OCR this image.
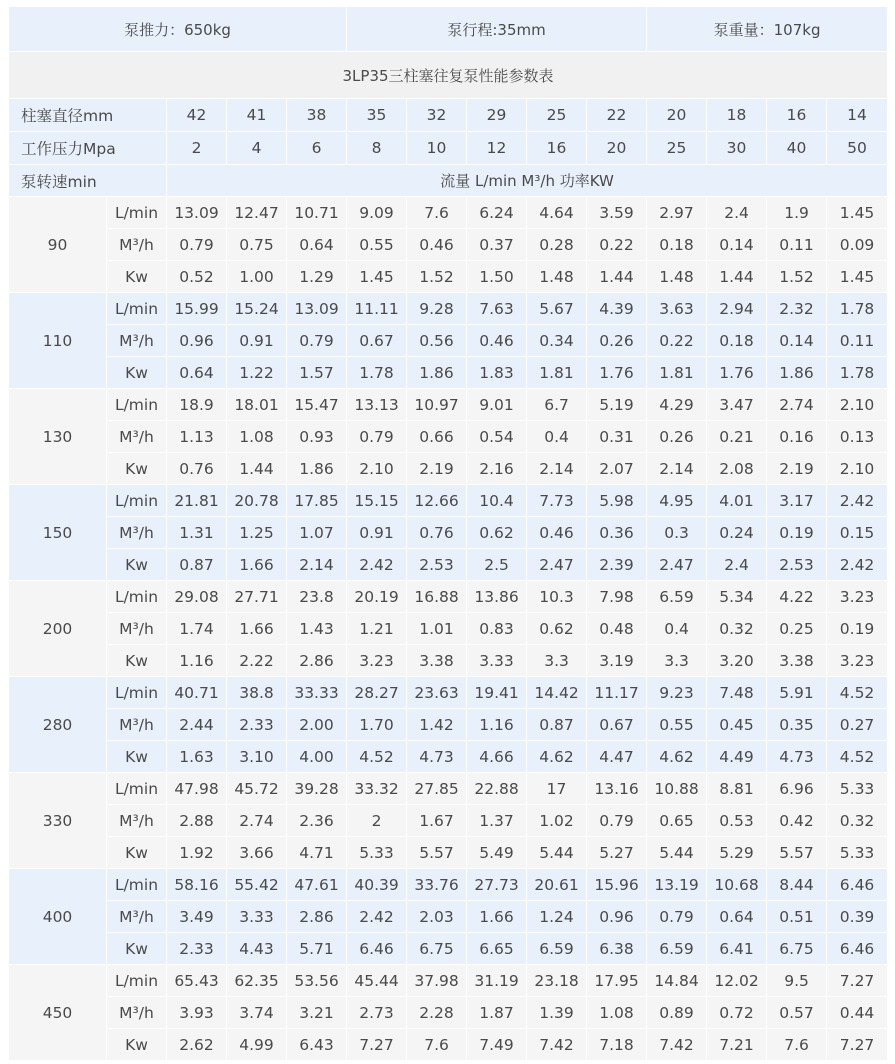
泵推力：650kg					泵行程:35mm					泵重量：107kg			
3LP35三柱塞往复泵性能参数表													
柱塞直径mm		42	41	38	35	32	29	25	22	20	18	16	14
工作压力Mpa		2	4	6	8	10	12	16	20	25	30	40	50
泵转速min		流量 L/min M³/h 功率KW											
90	L/min	13.09	12.47	10.71	9.09	7.6	6.24	4.64	3.59	2.97	2.4	1.9	1.45
	M³/h	0.79	0.75	0.64	0.55	0.46	0.37	0.28	0.22	0.18	0.14	0.11	0.09
	Kw	0.52	1.00	1.29	1.45	1.52	1.50	1.48	1.44	1.48	1.44	1.52	1.45
110	L/min	15.99	15.24	13.09	11.11	9.28	7.63	5.67	4.39	3.63	2.94	2.32	1.78
	M³/h	0.96	0.91	0.79	0.67	0.56	0.46	0.34	0.26	0.22	0.18	0.14	0.11
	Kw	0.64	1.22	1.57	1.78	1.86	1.83	1.81	1.76	1.81	1.76	1.86	1.78
130	L/min	18.9	18.01	15.47	13.13	10.97	9.01	6.7	5.19	4.29	3.47	2.74	2.10
	M³/h	1.13	1.08	0.93	0.79	0.66	0.54	0.4	0.31	0.26	0.21	0.16	0.13
	Kw	0.76	1.44	1.86	2.10	2.19	2.16	2.14	2.07	2.14	2.08	2.19	2.10
150	L/min	21.81	20.78	17.85	15.15	12.66	10.4	7.73	5.98	4.95	4.01	3.17	2.42
	M³/h	1.31	1.25	1.07	0.91	0.76	0.62	0.46	0.36	0.3	0.24	0.19	0.15
	Kw	0.87	1.66	2.14	2.42	2.53	2.5	2.47	2.39	2.47	2.4	2.53	2.42
200	L/min	29.08	27.71	23.8	20.19	16.88	13.86	10.3	7.98	6.59	5.34	4.22	3.23
	M³/h	1.74	1.66	1.43	1.21	1.01	0.83	0.62	0.48	0.4	0.32	0.25	0.19
	Kw	1.16	2.22	2.86	3.23	3.38	3.33	3.3	3.19	3.3	3.20	3.38	3.23
280	L/min	40.71	38.8	33.33	28.27	23.63	19.41	14.42	11.17	9.23	7.48	5.91	4.52
	M³/h	2.44	2.33	2.00	1.70	1.42	1.16	0.87	0.67	0.55	0.45	0.35	0.27
	Kw	1.63	3.10	4.00	4.52	4.73	4.66	4.62	4.47	4.62	4.49	4.73	4.52
330	L/min	47.98	45.72	39.28	33.32	27.85	22.88	17	13.16	10.88	8.81	6.96	5.33
	M³/h	2.88	2.74	2.36	2	1.67	1.37	1.02	0.79	0.65	0.53	0.42	0.32
	Kw	1.92	3.66	4.71	5.33	5.57	5.49	5.44	5.27	5.44	5.29	5.57	5.33
400	L/min	58.16	55.42	47.61	40.39	33.76	27.73	20.61	15.96	13.19	10.68	8.44	6.46
	M³/h	3.49	3.33	2.86	2.42	2.03	1.66	1.24	0.96	0.79	0.64	0.51	0.39
	Kw	2.33	4.43	5.71	6.46	6.75	6.65	6.59	6.38	6.59	6.41	6.75	6.46
450	L/min	65.43	62.35	53.56	45.44	37.98	31.19	23.18	17.95	14.84	12.02	9.5	7.27
	M³/h	3.93	3.74	3.21	2.73	2.28	1.87	1.39	1.08	0.89	0.72	0.57	0.44
	Kw	2.62	4.99	6.43	7.27	7.6	7.49	7.42	7.18	7.42	7.21	7.6	7.27
